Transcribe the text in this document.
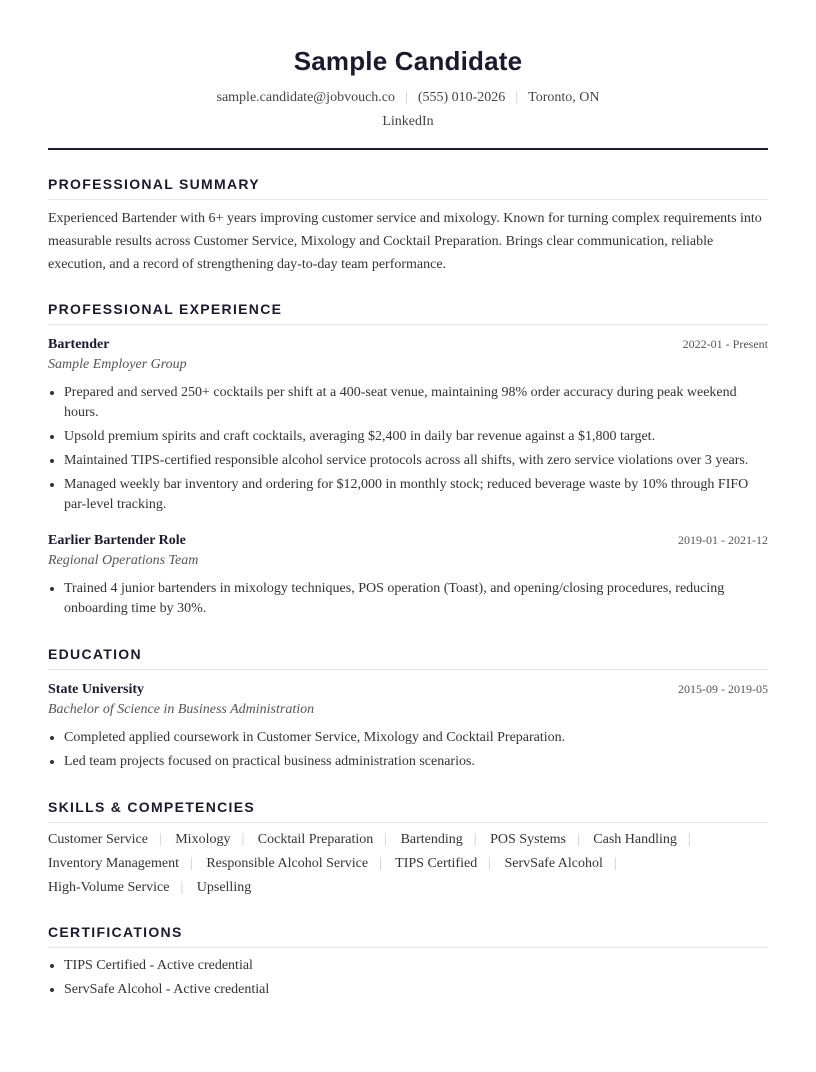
Sample Candidate
sample.candidate@jobvouch.co | (555) 010-2026 | Toronto, ON
LinkedIn
PROFESSIONAL SUMMARY
Experienced Bartender with 6+ years improving customer service and mixology. Known for turning complex requirements into measurable results across Customer Service, Mixology and Cocktail Preparation. Brings clear communication, reliable execution, and a record of strengthening day-to-day team performance.
PROFESSIONAL EXPERIENCE
Bartender	2022-01 - Present
Sample Employer Group
Prepared and served 250+ cocktails per shift at a 400-seat venue, maintaining 98% order accuracy during peak weekend hours.
Upsold premium spirits and craft cocktails, averaging $2,400 in daily bar revenue against a $1,800 target.
Maintained TIPS-certified responsible alcohol service protocols across all shifts, with zero service violations over 3 years.
Managed weekly bar inventory and ordering for $12,000 in monthly stock; reduced beverage waste by 10% through FIFO par-level tracking.
Earlier Bartender Role	2019-01 - 2021-12
Regional Operations Team
Trained 4 junior bartenders in mixology techniques, POS operation (Toast), and opening/closing procedures, reducing onboarding time by 30%.
EDUCATION
State University	2015-09 - 2019-05
Bachelor of Science in Business Administration
Completed applied coursework in Customer Service, Mixology and Cocktail Preparation.
Led team projects focused on practical business administration scenarios.
SKILLS & COMPETENCIES
Customer Service | Mixology | Cocktail Preparation | Bartending | POS Systems | Cash Handling | Inventory Management | Responsible Alcohol Service | TIPS Certified | ServSafe Alcohol | High-Volume Service | Upselling
CERTIFICATIONS
TIPS Certified - Active credential
ServSafe Alcohol - Active credential
